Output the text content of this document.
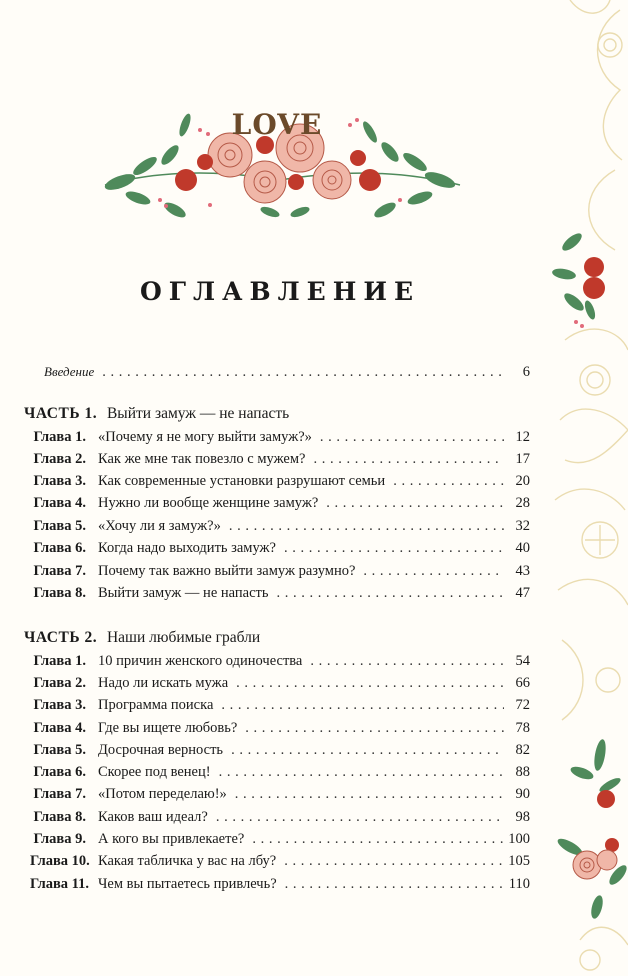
LOVE
ОГЛАВЛЕНИЕ
Введение . . .	6
ЧАСТЬ 1. Выйти замуж — не напасть
Глава 1. «Почему я не могу выйти замуж?» . . .	12
Глава 2. Как же мне так повезло с мужем? . . .	17
Глава 3. Как современные установки разрушают семьи . . .	20
Глава 4. Нужно ли вообще женщине замуж? . . .	28
Глава 5. «Хочу ли я замуж?» . . .	32
Глава 6. Когда надо выходить замуж? . . .	40
Глава 7. Почему так важно выйти замуж разумно? . . .	43
Глава 8. Выйти замуж — не напасть . . .	47
ЧАСТЬ 2. Наши любимые грабли
Глава 1. 10 причин женского одиночества . . .	54
Глава 2. Надо ли искать мужа . . .	66
Глава 3. Программа поиска . . .	72
Глава 4. Где вы ищете любовь? . . .	78
Глава 5. Досрочная верность . . .	82
Глава 6. Скорее под венец! . . .	88
Глава 7. «Потом переделаю!» . . .	90
Глава 8. Каков ваш идеал? . . .	98
Глава 9. А кого вы привлекаете? . . .	100
Глава 10. Какая табличка у вас на лбу? . . .	105
Глава 11. Чем вы пытаетесь привлечь? . . .	110
